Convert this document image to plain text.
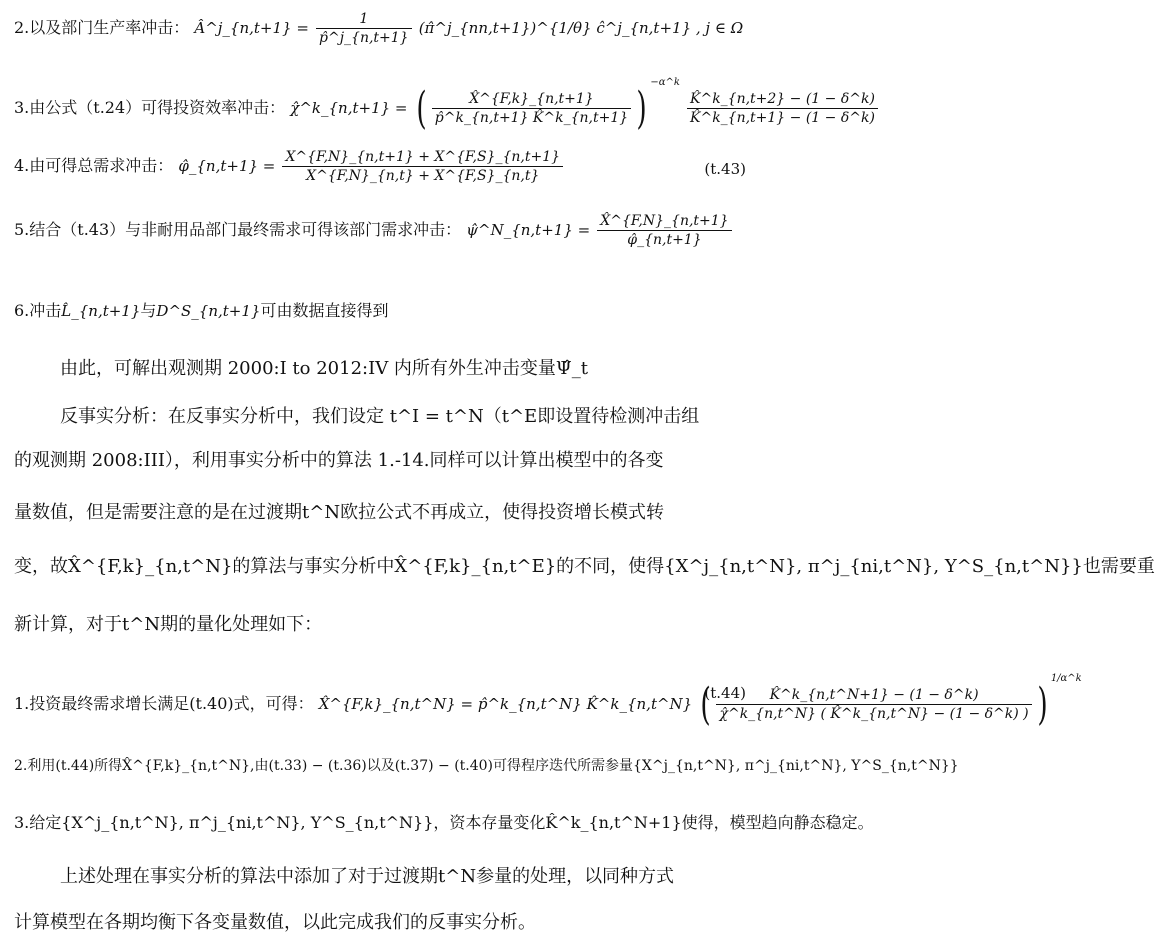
2.以及部门生产率冲击： Â^j_{n,t+1} = $\frac{1}{p̂\^{}j\_\{n,t+1\}}$ (π̂^j_{nn,t+1})^{1/θ} ĉ^j_{n,t+1} , j ∈ Ω
3.由公式（t.24）可得投资效率冲击： χ̂^k_{n,t+1} = ( $\frac{X̂\^{}\{F,k\}\_\{n,t+1\}}{p̂\^{}k\_\{n,t+1\} K̂\^{}k\_\{n,t+1\}}$ ) $^{-\alpha\^{}k}$
$\frac{K̂\^{}k\_\{n,t+2\} - (1 - \delta\^{}k)}{K̂\^{}k\_\{n,t+1\} - (1 - \delta\^{}k)}$
4.由可得总需求冲击： φ̂_{n,t+1} = $\frac{X\^{}\{F,N\}\_\{n,t+1\} + X\^{}\{F,S\}\_\{n,t+1\}}{X\^{}\{F,N\}\_\{n,t\} + X\^{}\{F,S\}\_\{n,t\}}$	(t.43)
5.结合（t.43）与非耐用品部门最终需求可得该部门需求冲击： ψ̂^N_{n,t+1} = $\frac{X̂\^{}\{F,N\}\_\{n,t+1\}}{\varphî\_\{n,t+1\}}$
6.冲击L̂_{n,t+1}与D^S_{n,t+1}可由数据直接得到
由此，可解出观测期 2000:I to 2012:IV 内所有外生冲击变量Ψ̂_t
反事实分析：在反事实分析中，我们设定 t^I = t^N（t^E即设置待检测冲击组
的观测期 2008:III），利用事实分析中的算法 1.-14.同样可以计算出模型中的各变
量数值，但是需要注意的是在过渡期t^N欧拉公式不再成立，使得投资增长模式转
变，故X̂^{F,k}_{n,t^N}的算法与事实分析中X̂^{F,k}_{n,t^E}的不同，使得{X^j_{n,t^N}, π^j_{ni,t^N}, Y^S_{n,t^N}}也需要重
新计算，对于t^N期的量化处理如下：
1.投资最终需求增长满足(t.40)式，可得： X̂^{F,k}_{n,t^N} = p̂^k_{n,t^N} K̂^k_{n,t^N} ( $\frac{K̂\^{}k\_\{n,t\^{}N+1\} - (1 - \delta\^{}k)}{\chî\^{}k\_\{n,t\^{}N\} ( K̂\^{}k\_\{n,t\^{}N\} - (1 - \delta\^{}k) )}$ ) $^{1/\alpha\^{}k}$
(t.44)
2.利用(t.44)所得X̂^{F,k}_{n,t^N},由(t.33) − (t.36)以及(t.37) − (t.40)可得程序迭代所需参量{X^j_{n,t^N}, π^j_{ni,t^N}, Y^S_{n,t^N}}
3.给定{X^j_{n,t^N}, π^j_{ni,t^N}, Y^S_{n,t^N}}，资本存量变化K̂^k_{n,t^N+1}使得，模型趋向静态稳定。
上述处理在事实分析的算法中添加了对于过渡期t^N参量的处理，以同种方式
计算模型在各期均衡下各变量数值，以此完成我们的反事实分析。
